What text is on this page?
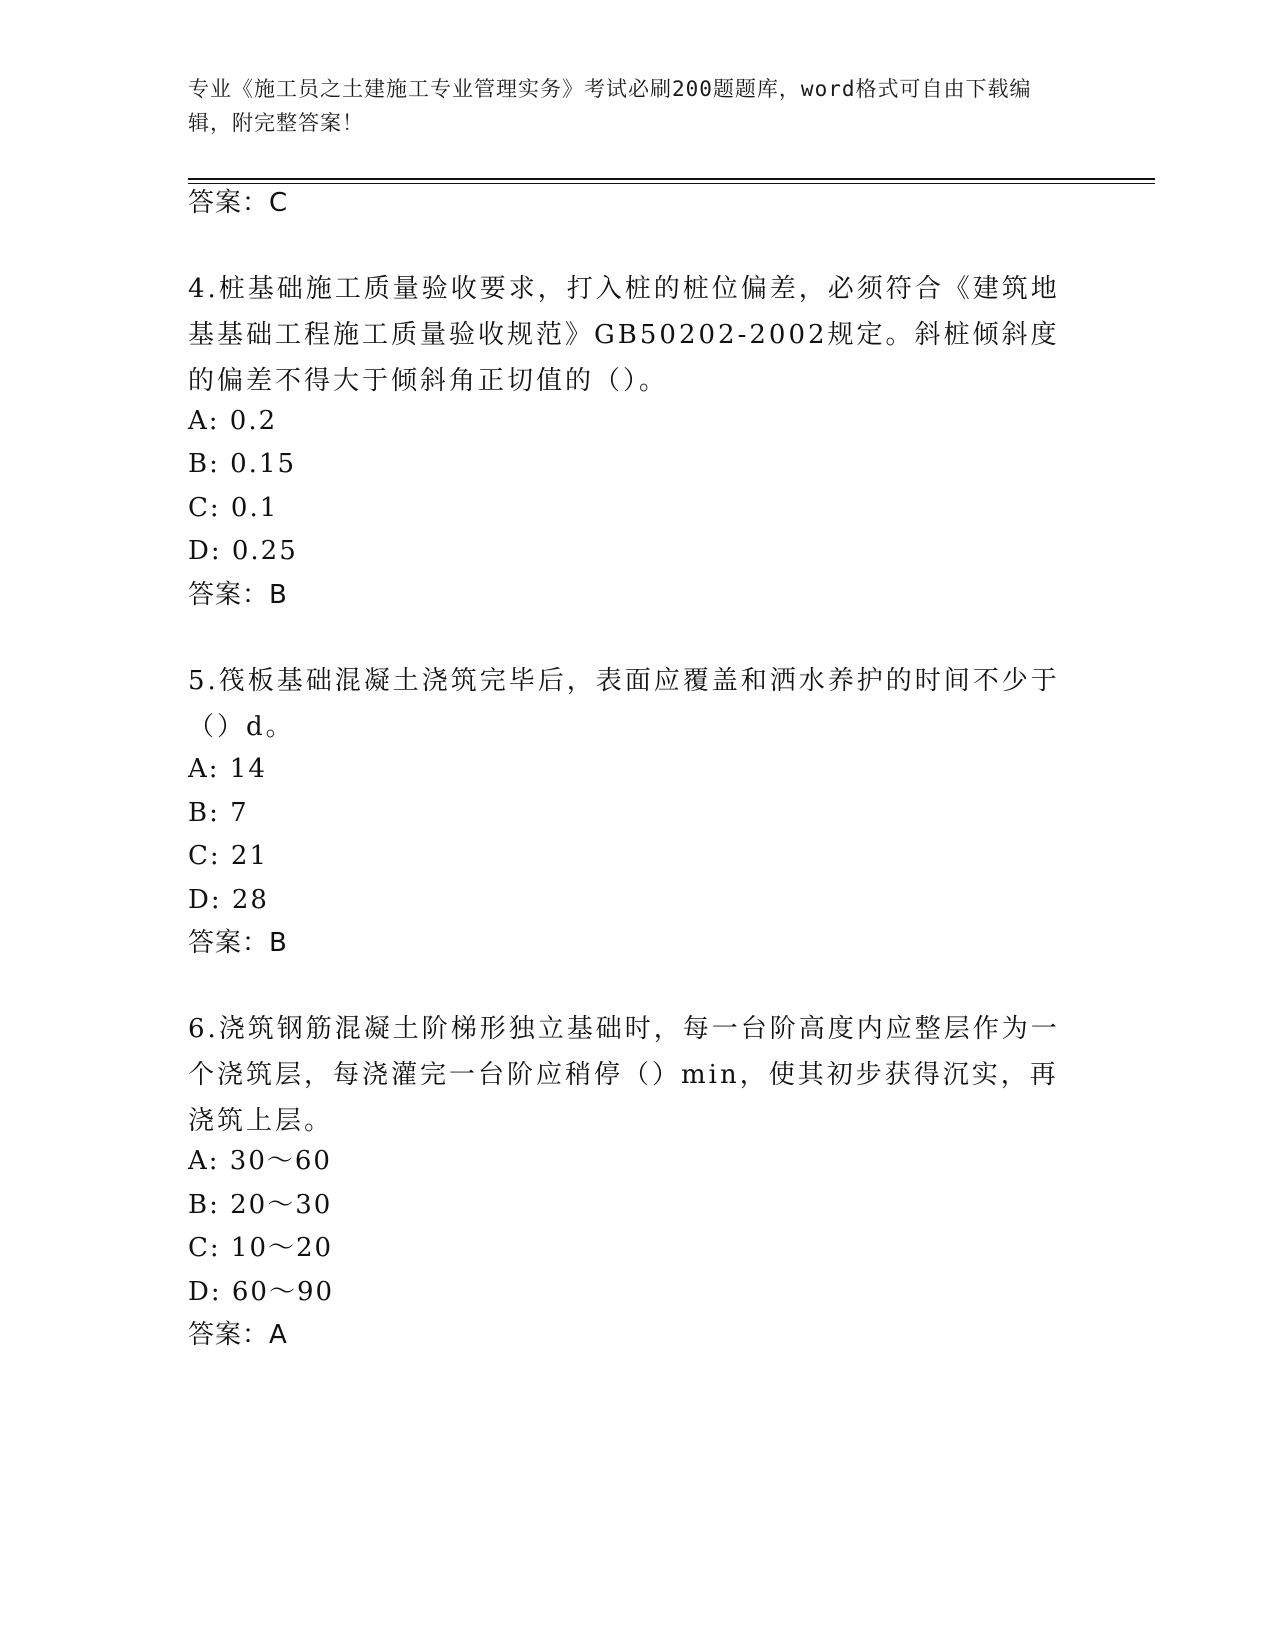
专业《施工员之土建施工专业管理实务》考试必刷200题题库，word格式可自由下载编辑，附完整答案！
答案：C
4.桩基础施工质量验收要求，打入桩的桩位偏差，必须符合《建筑地基基础工程施工质量验收规范》GB50202-2002规定。斜桩倾斜度的偏差不得大于倾斜角正切值的（）。
A: 0.2
B: 0.15
C: 0.1
D: 0.25
答案：B
5.筏板基础混凝土浇筑完毕后，表面应覆盖和洒水养护的时间不少于（）d。
A: 14
B: 7
C: 21
D: 28
答案：B
6.浇筑钢筋混凝土阶梯形独立基础时，每一台阶高度内应整层作为一个浇筑层，每浇灌完一台阶应稍停（）min，使其初步获得沉实，再浇筑上层。
A: 30～60
B: 20～30
C: 10～20
D: 60～90
答案：A
